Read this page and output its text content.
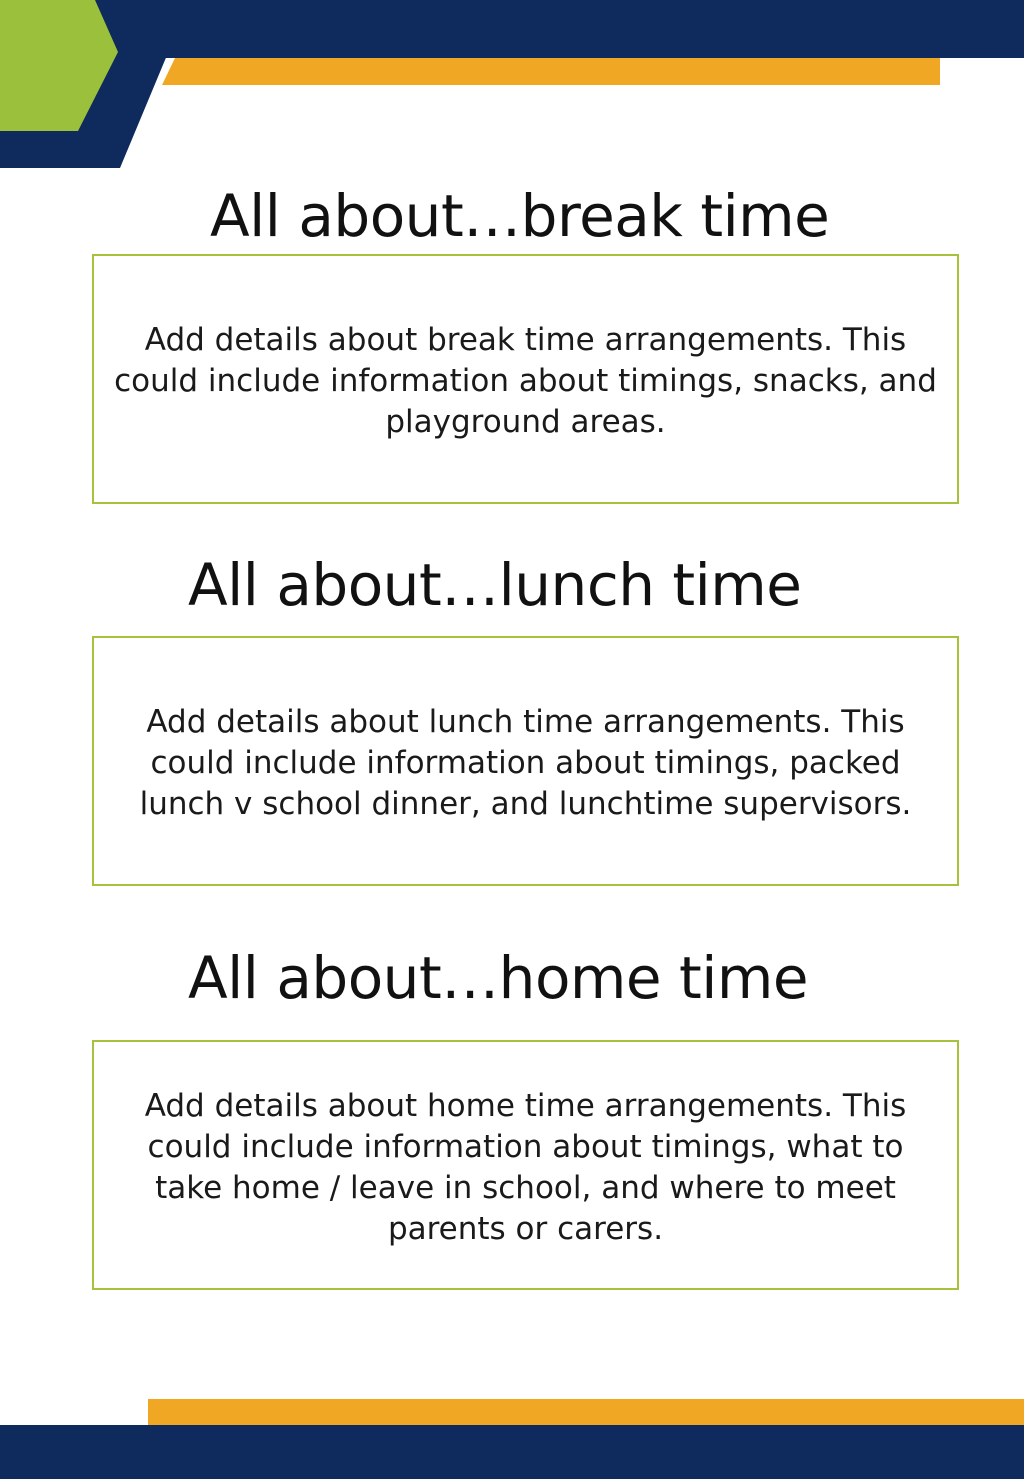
All about…break time

Add details about break time arrangements. This could include information about timings, snacks, and playground areas.

All about…lunch time

Add details about lunch time arrangements. This could include information about timings, packed lunch v school dinner, and lunchtime supervisors.

All about…home time

Add details about home time arrangements. This could include information about timings, what to take home / leave in school, and where to meet parents or carers.
